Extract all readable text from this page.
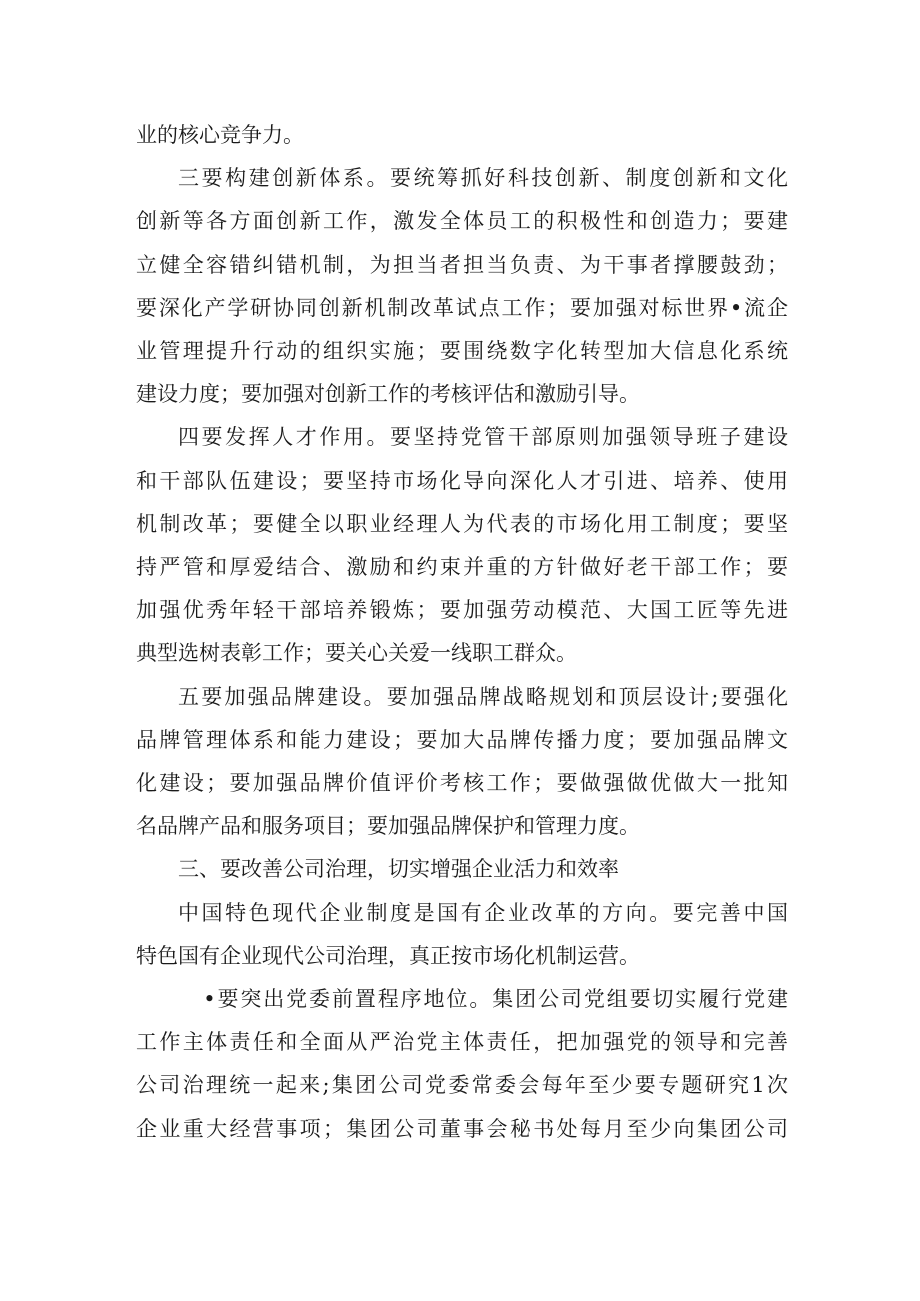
业的核心竞争力。
三要构建创新体系。要统筹抓好科技创新、制度创新和文化
创新等各方面创新工作，激发全体员工的积极性和创造力；要建
立健全容错纠错机制，为担当者担当负责、为干事者撑腰鼓劲；
要深化产学研协同创新机制改革试点工作；要加强对标世界•流企
业管理提升行动的组织实施；要围绕数字化转型加大信息化系统
建设力度；要加强对创新工作的考核评估和激励引导。
四要发挥人才作用。要坚持党管干部原则加强领导班子建设
和干部队伍建设；要坚持市场化导向深化人才引进、培养、使用
机制改革；要健全以职业经理人为代表的市场化用工制度；要坚
持严管和厚爱结合、激励和约束并重的方针做好老干部工作；要
加强优秀年轻干部培养锻炼；要加强劳动模范、大国工匠等先进
典型选树表彰工作；要关心关爱一线职工群众。
五要加强品牌建设。要加强品牌战略规划和顶层设计;要强化
品牌管理体系和能力建设；要加大品牌传播力度；要加强品牌文
化建设；要加强品牌价值评价考核工作；要做强做优做大一批知
名品牌产品和服务项目；要加强品牌保护和管理力度。
三、要改善公司治理，切实增强企业活力和效率
中国特色现代企业制度是国有企业改革的方向。要完善中国
特色国有企业现代公司治理，真正按市场化机制运营。
•要突出党委前置程序地位。集团公司党组要切实履行党建
工作主体责任和全面从严治党主体责任，把加强党的领导和完善
公司治理统一起来;集团公司党委常委会每年至少要专题研究1次
企业重大经营事项；集团公司董事会秘书处每月至少向集团公司
